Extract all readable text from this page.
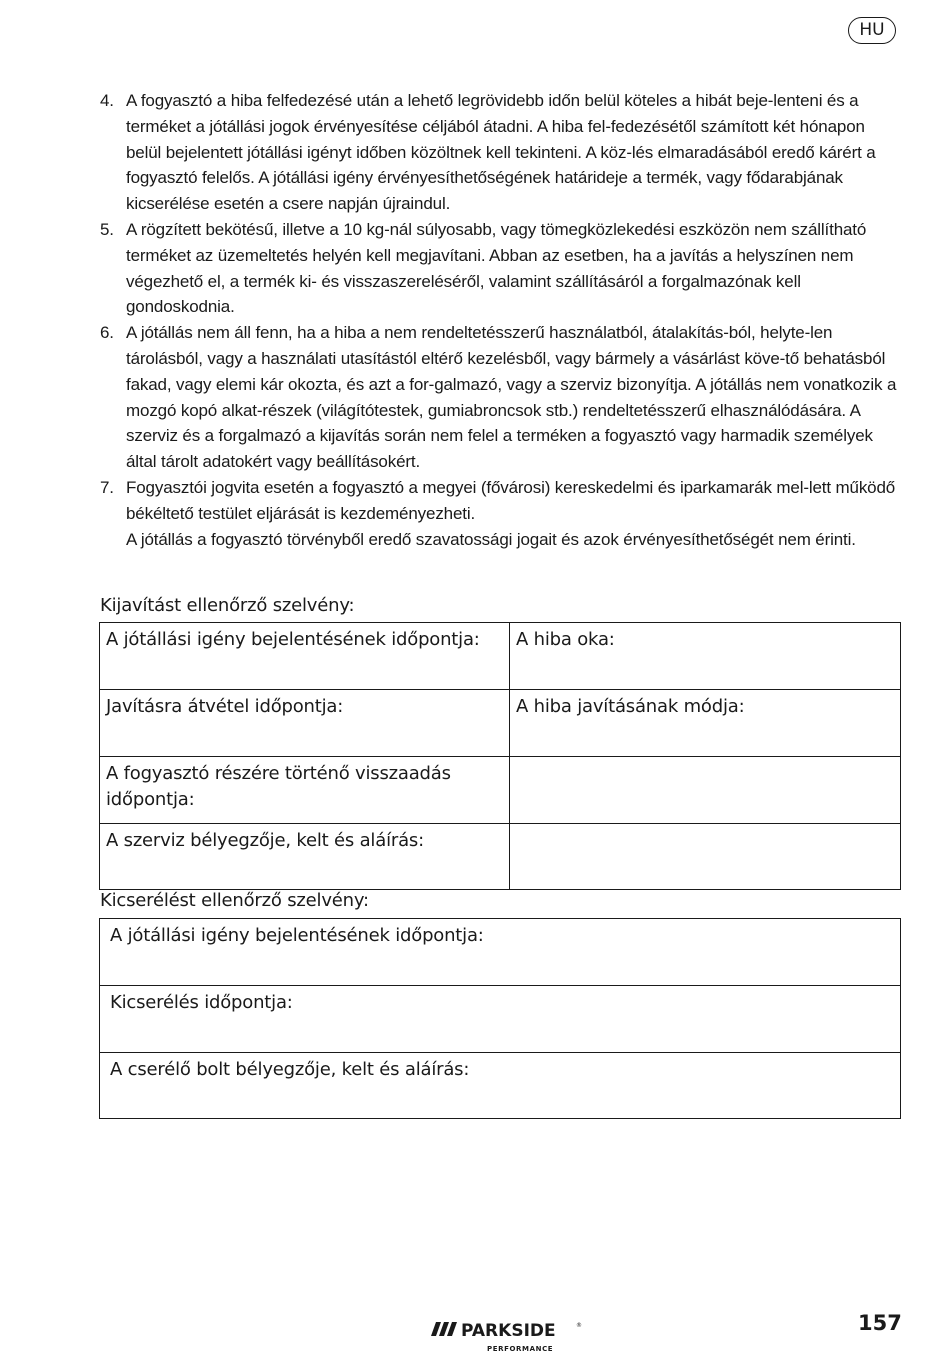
HU
4. A fogyasztó a hiba felfedezésé után a lehető legrövidebb időn belül köteles a hibát beje-lenteni és a terméket a jótállási jogok érvényesítése céljából átadni. A hiba fel-fedezésétől számított két hónapon belül bejelentett jótállási igényt időben közöltnek kell tekinteni. A köz-lés elmaradásából eredő kárért a fogyasztó felelős. A jótállási igény érvényesíthetőségének határideje a termék, vagy fődarabjának kicserélése esetén a csere napján újraindul.
5. A rögzített bekötésű, illetve a 10 kg-nál súlyosabb, vagy tömegközlekedési eszközön nem szállítható terméket az üzemeltetés helyén kell megjavítani. Abban az esetben, ha a javítás a helyszínen nem végezhető el, a termék ki- és visszaszereléséről, valamint szállításáról a forgalmazónak kell gondoskodnia.
6. A jótállás nem áll fenn, ha a hiba a nem rendeltetésszerű használatból, átalakítás-ból, helyte-len tárolásból, vagy a használati utasítástól eltérő kezelésből, vagy bármely a vásárlást köve-tő behatásból fakad, vagy elemi kár okozta, és azt a for-galmazó, vagy a szerviz bizonyítja. A jótállás nem vonatkozik a mozgó kopó alkat-részek (világítótestek, gumiabroncsok stb.) rendeltetésszerű elhasználódására. A szerviz és a forgalmazó a kijavítás során nem felel a terméken a fogyasztó vagy harmadik személyek által tárolt adatokért vagy beállításokért.
7. Fogyasztói jogvita esetén a fogyasztó a megyei (fővárosi) kereskedelmi és iparkamarák mel-lett működő békéltető testület eljárását is kezdeményezheti.
A jótállás a fogyasztó törvényből eredő szavatossági jogait és azok érvényesíthetőségét nem érinti.
Kijavítást ellenőrző szelvény:
A jótállási igény bejelentésének időpontja:	A hiba oka:
Javításra átvétel időpontja:	A hiba javításának módja:
A fogyasztó részére történő visszaadás időpontja:	
A szerviz bélyegzője, kelt és aláírás:	
Kicserélést ellenőrző szelvény:
A jótállási igény bejelentésének időpontja:
Kicserélés időpontja:
A cserélő bolt bélyegzője, kelt és aláírás:
PARKSIDE	®
PERFORMANCE
157
